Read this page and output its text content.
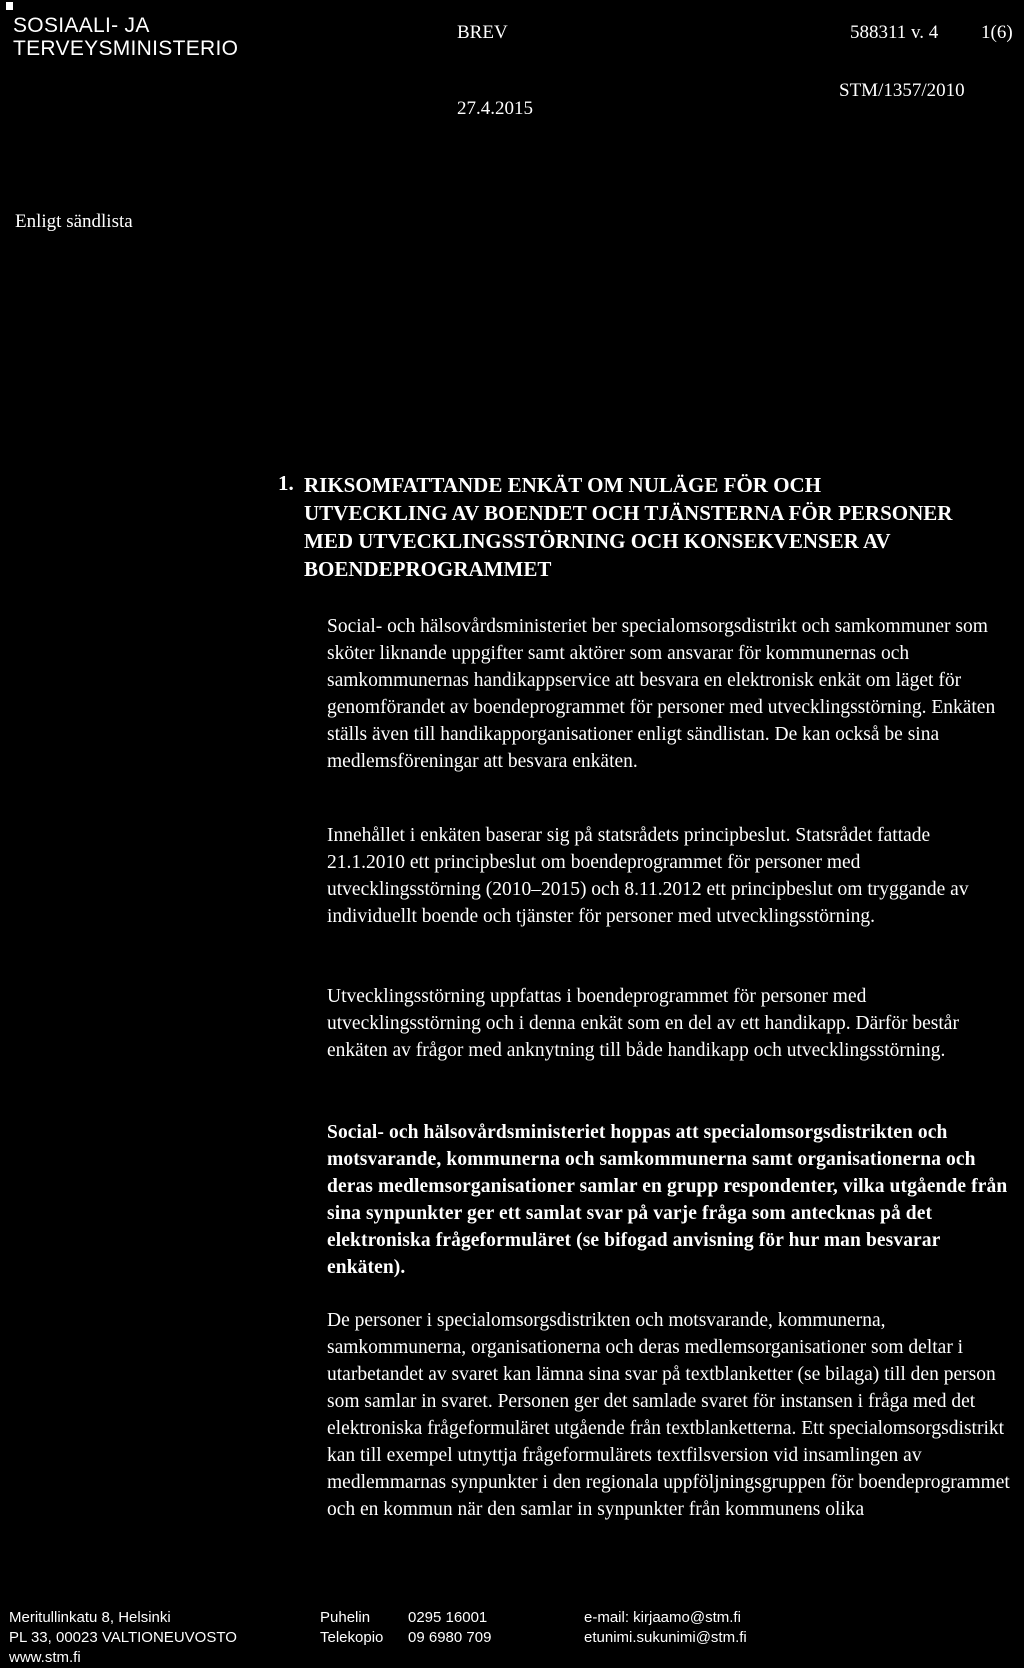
SOSIAALI- JA
TERVEYSMINISTERIO
BREV	588311 v. 4 1(6)
27.4.2015
STM/1357/2010
Enligt sändlista
1. RIKSOMFATTANDE ENKÄT OM NULÄGE FÖR OCH UTVECKLING AV BOENDET OCH TJÄNSTERNA FÖR PERSONER MED UTVECKLINGSSTÖRNING OCH KONSEKVENSER AV BOENDEPROGRAMMET
Social- och hälsovårdsministeriet ber specialomsorgsdistrikt och samkommuner som sköter liknande uppgifter samt aktörer som ansvarar för kommunernas och samkommunernas handikappservice att besvara en elektronisk enkät om läget för genomförandet av boendeprogrammet för personer med utvecklingsstörning. Enkäten ställs även till handikapporganisationer enligt sändlistan. De kan också be sina medlemsföreningar att besvara enkäten.
Innehållet i enkäten baserar sig på statsrådets principbeslut. Statsrådet fattade 21.1.2010 ett principbeslut om boendeprogrammet för personer med utvecklingsstörning (2010–2015) och 8.11.2012 ett principbeslut om tryggande av individuellt boende och tjänster för personer med utvecklingsstörning.
Utvecklingsstörning uppfattas i boendeprogrammet för personer med utvecklingsstörning och i denna enkät som en del av ett handikapp. Därför består enkäten av frågor med anknytning till både handikapp och utvecklingsstörning.
Social- och hälsovårdsministeriet hoppas att specialomsorgsdistrikten och motsvarande, kommunerna och samkommunerna samt organisationerna och deras medlemsorganisationer samlar en grupp respondenter, vilka utgående från sina synpunkter ger ett samlat svar på varje fråga som antecknas på det elektroniska frågeformuläret (se bifogad anvisning för hur man besvarar enkäten).
De personer i specialomsorgsdistrikten och motsvarande, kommunerna, samkommunerna, organisationerna och deras medlemsorganisationer som deltar i utarbetandet av svaret kan lämna sina svar på textblanketter (se bilaga) till den person som samlar in svaret. Personen ger det samlade svaret för instansen i fråga med det elektroniska frågeformuläret utgående från textblanketterna. Ett specialomsorgsdistrikt kan till exempel utnyttja frågeformulärets textfilsversion vid insamlingen av medlemmarnas synpunkter i den regionala uppföljningsgruppen för boendeprogrammet och en kommun när den samlar in synpunkter från kommunens olika
Meritullinkatu 8, Helsinki
PL 33, 00023 VALTIONEUVOSTO
www.stm.fi
Puhelin	0295 16001
Telekopio 09 6980 709
e-mail: kirjaamo@stm.fi
etunimi.sukunimi@stm.fi
